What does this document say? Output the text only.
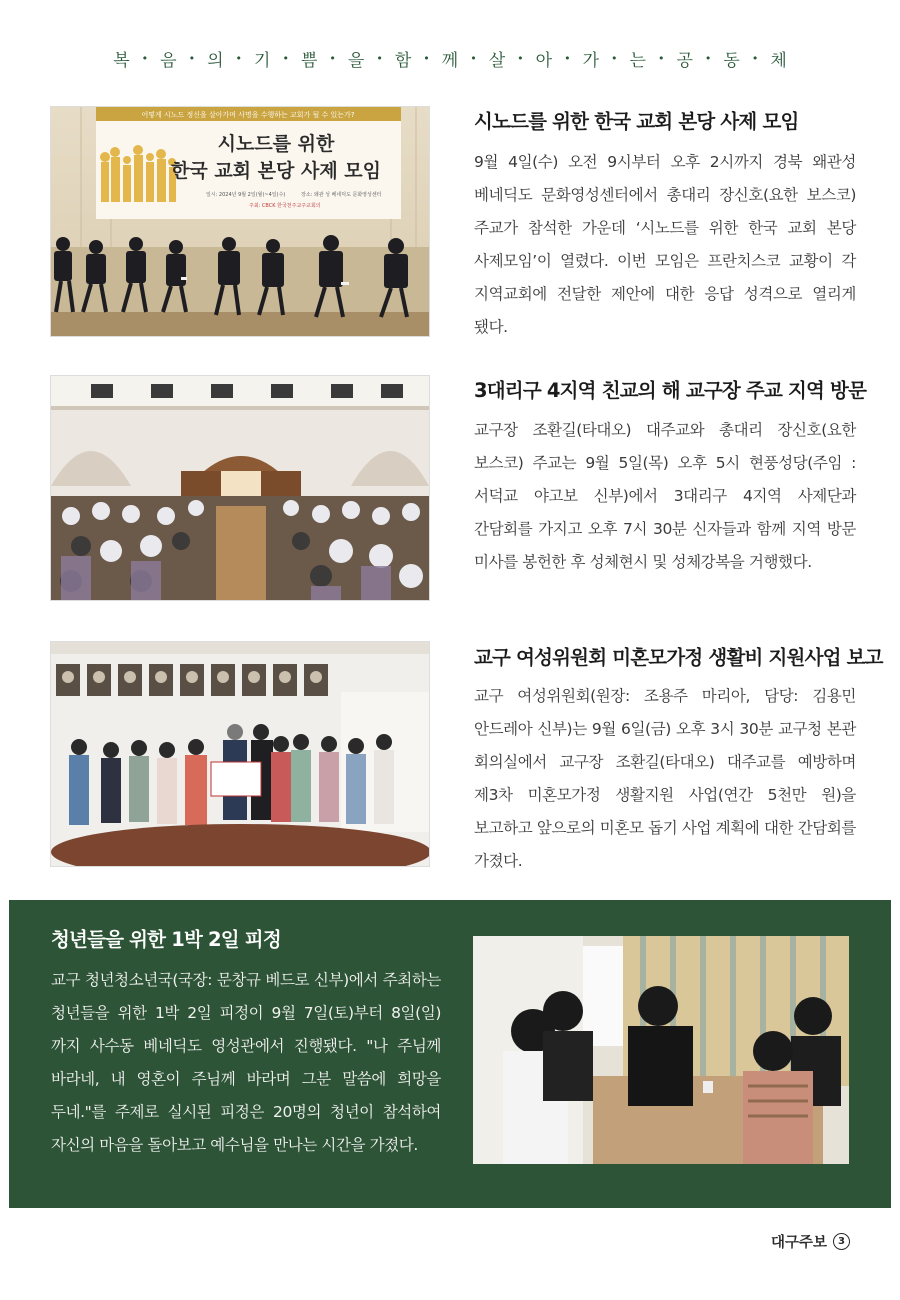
복 • 음 • 의 • 기 • 쁨 • 을 • 함 • 께 • 살 • 아 • 가 • 는 • 공 • 동 • 체
어떻게 시노드 정신을 살아가며 사명을 수행하는 교회가 될 수 있는가?
시노드를 위한
한국 교회 본당 사제 모임
일시: 2024년 9월 2일(월)~4일(수)	장소: 왜관 성 베네딕도 문화영성센터
주최: CBCK 한국천주교주교회의
시노드를 위한 한국 교회 본당 사제 모임
9월 4일(수) 오전 9시부터 오후 2시까지 경북 왜관성 베네딕도 문화영성센터에서 총대리 장신호(요한 보스코) 주교가 참석한 가운데 ‘시노드를 위한 한국 교회 본당 사제모임’이 열렸다. 이번 모임은 프란치스코 교황이 각 지역교회에 전달한 제안에 대한 응답 성격으로 열리게 됐다.
3대리구 4지역 친교의 해 교구장 주교 지역 방문
교구장 조환길(타대오) 대주교와 총대리 장신호(요한 보스코) 주교는 9월 5일(목) 오후 5시 현풍성당(주임 : 서덕교 야고보 신부)에서 3대리구 4지역 사제단과 간담회를 가지고 오후 7시 30분 신자들과 함께 지역 방문 미사를 봉헌한 후 성체현시 및 성체강복을 거행했다.
교구 여성위원회 미혼모가정 생활비 지원사업 보고
교구 여성위원회(원장: 조용주 마리아, 담당: 김용민 안드레아 신부)는 9월 6일(금) 오후 3시 30분 교구청 본관 회의실에서 교구장 조환길(타대오) 대주교를 예방하며 제3차 미혼모가정 생활지원 사업(연간 5천만 원)을 보고하고 앞으로의 미혼모 돕기 사업 계획에 대한 간담회를 가졌다.
청년들을 위한 1박 2일 피정
교구 청년청소년국(국장: 문창규 베드로 신부)에서 주최하는 청년들을 위한 1박 2일 피정이 9월 7일(토)부터 8일(일)까지 사수동 베네딕도 영성관에서 진행됐다. "나 주님께 바라네, 내 영혼이 주님께 바라며 그분 말씀에 희망을 두네."를 주제로 실시된 피정은 20명의 청년이 참석하여 자신의 마음을 돌아보고 예수님을 만나는 시간을 가졌다.
대구주보	3
